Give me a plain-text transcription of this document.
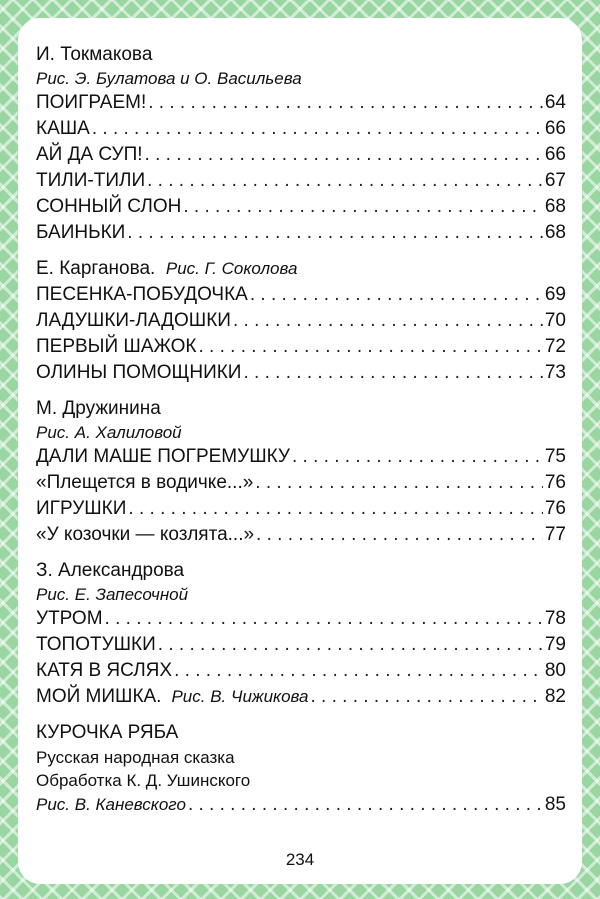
И. Токмакова
Рис. Э. Булатова и О. Васильева
ПОИГРАЕМ! . . .	64
КАША . . .	66
АЙ ДА СУП! . . .	66
ТИЛИ-ТИЛИ . . .	67
СОННЫЙ СЛОН . . .	68
БАИНЬКИ . . .	68
Е. Карганова. Рис. Г. Соколова
ПЕСЕНКА-ПОБУДОЧКА . . .	69
ЛАДУШКИ-ЛАДОШКИ . . .	70
ПЕРВЫЙ ШАЖОК . . .	72
ОЛИНЫ ПОМОЩНИКИ . . .	73
М. Дружинина
Рис. А. Халиловой
ДАЛИ МАШЕ ПОГРЕМУШКУ . . .	75
«Плещется в водичке...» . . .	76
ИГРУШКИ . . .	76
«У козочки — козлята...» . . .	77
З. Александрова
Рис. Е. Запесочной
УТРОМ . . .	78
ТОПОТУШКИ . . .	79
КАТЯ В ЯСЛЯХ . . .	80
МОЙ МИШКА. Рис. В. Чижикова . . .	82
КУРОЧКА РЯБА
Русская народная сказка
Обработка К. Д. Ушинского
Рис. В. Каневского . . .	85
234
